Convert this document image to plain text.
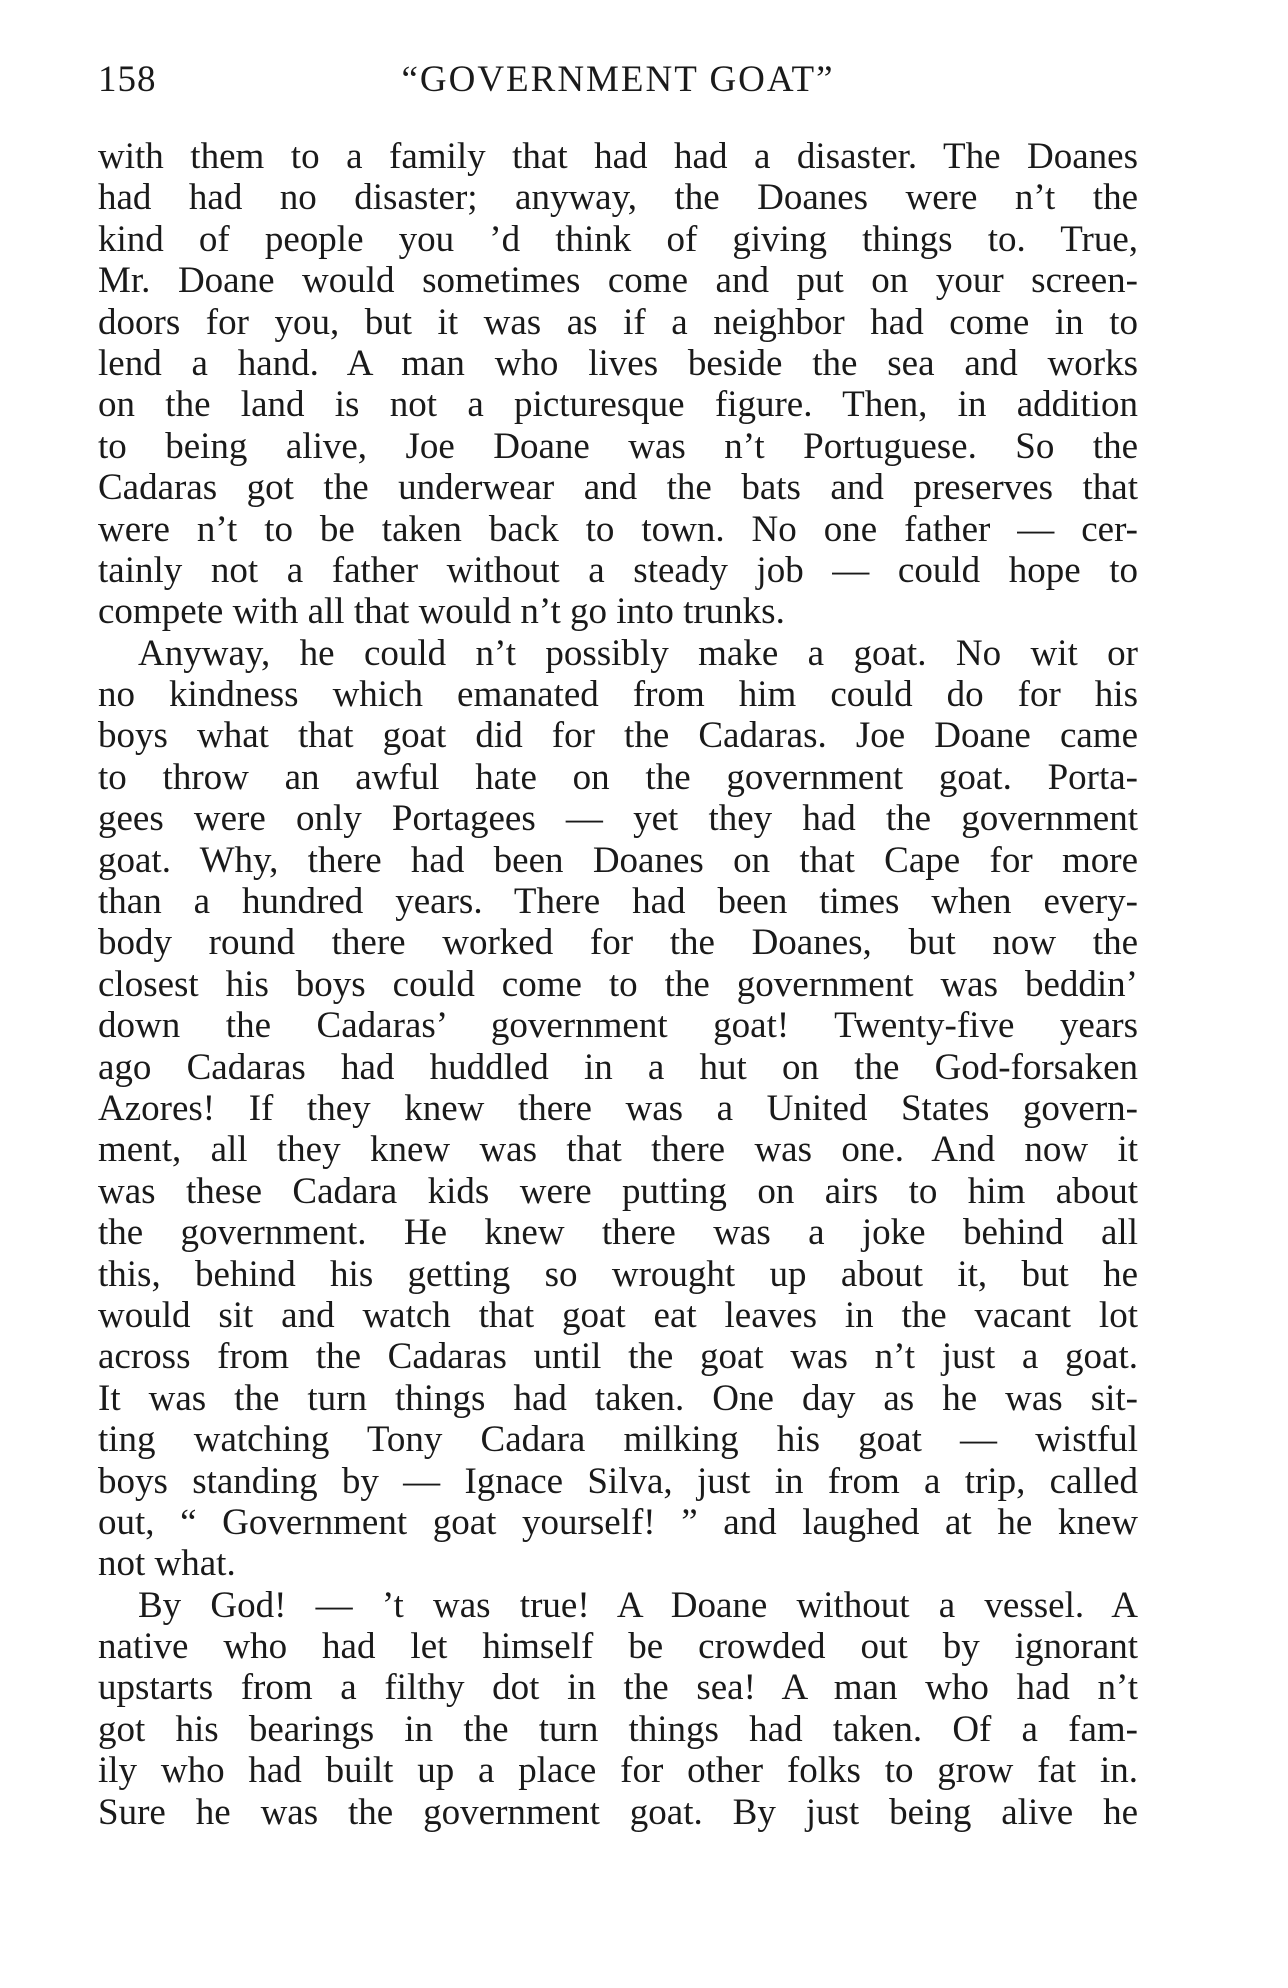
158	“GOVERNMENT GOAT”
with them to a family that had had a disaster. The Doanes
had had no disaster; anyway, the Doanes were n’t the
kind of people you ’d think of giving things to. True,
Mr. Doane would sometimes come and put on your screen-
doors for you, but it was as if a neighbor had come in to
lend a hand. A man who lives beside the sea and works
on the land is not a picturesque figure. Then, in addition
to being alive, Joe Doane was n’t Portuguese. So the
Cadaras got the underwear and the bats and preserves that
were n’t to be taken back to town. No one father — cer-
tainly not a father without a steady job — could hope to
compete with all that would n’t go into trunks.
Anyway, he could n’t possibly make a goat. No wit or
no kindness which emanated from him could do for his
boys what that goat did for the Cadaras. Joe Doane came
to throw an awful hate on the government goat. Porta-
gees were only Portagees — yet they had the government
goat. Why, there had been Doanes on that Cape for more
than a hundred years. There had been times when every-
body round there worked for the Doanes, but now the
closest his boys could come to the government was beddin’
down the Cadaras’ government goat! Twenty-five years
ago Cadaras had huddled in a hut on the God-forsaken
Azores! If they knew there was a United States govern-
ment, all they knew was that there was one. And now it
was these Cadara kids were putting on airs to him about
the government. He knew there was a joke behind all
this, behind his getting so wrought up about it, but he
would sit and watch that goat eat leaves in the vacant lot
across from the Cadaras until the goat was n’t just a goat.
It was the turn things had taken. One day as he was sit-
ting watching Tony Cadara milking his goat — wistful
boys standing by — Ignace Silva, just in from a trip, called
out, “ Government goat yourself! ” and laughed at he knew
not what.
By God! — ’t was true! A Doane without a vessel. A
native who had let himself be crowded out by ignorant
upstarts from a filthy dot in the sea! A man who had n’t
got his bearings in the turn things had taken. Of a fam-
ily who had built up a place for other folks to grow fat in.
Sure he was the government goat. By just being alive he
